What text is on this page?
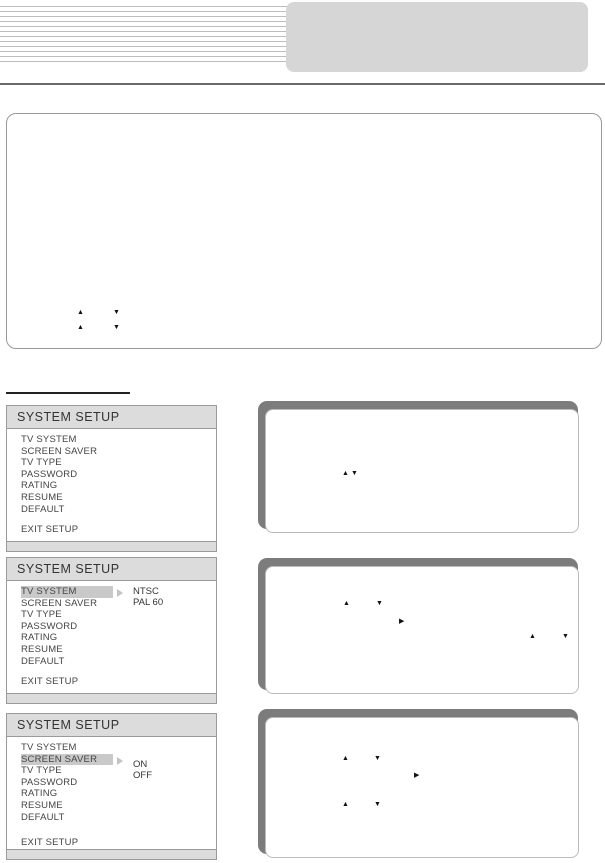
▲	▼
▲	▼
SYSTEM SETUP
TV SYSTEM
SCREEN SAVER
TV TYPE
PASSWORD
RATING
RESUME
DEFAULT
EXIT SETUP
SYSTEM SETUP
TV SYSTEM
SCREEN SAVER
TV TYPE
PASSWORD
RATING
RESUME
DEFAULT
NTSC
PAL 60
EXIT SETUP
SYSTEM SETUP
TV SYSTEM
SCREEN SAVER
TV TYPE
PASSWORD
RATING
RESUME
DEFAULT
ON
OFF
EXIT SETUP
▲ ▼
▲	▼
▶
▲	▼
▲	▼
▶
▲	▼
